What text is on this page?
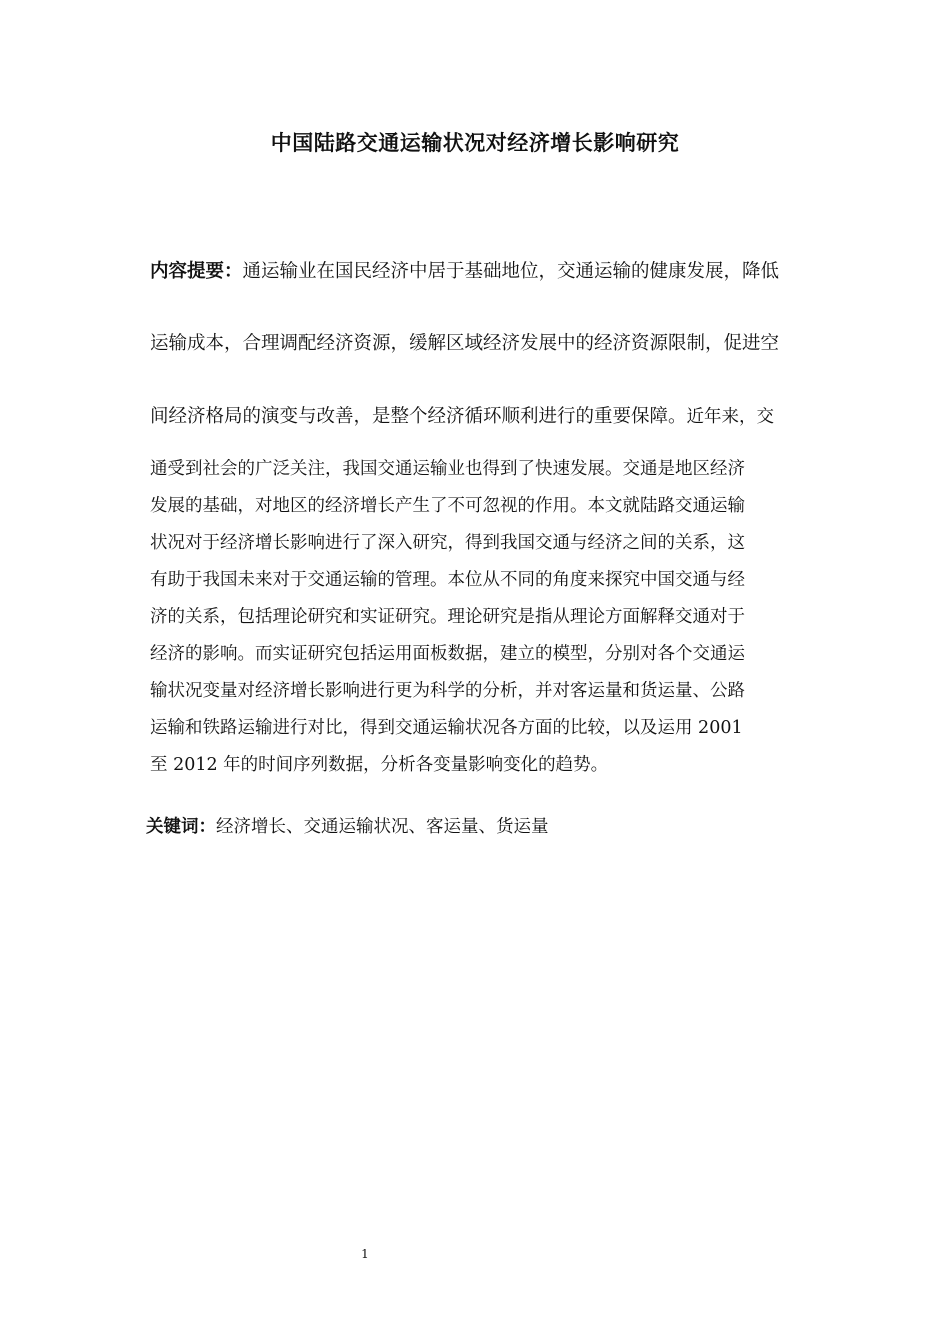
中国陆路交通运输状况对经济增长影响研究
内容提要：通运输业在国民经济中居于基础地位，交通运输的健康发展，降低
运输成本，合理调配经济资源，缓解区域经济发展中的经济资源限制，促进空
间经济格局的演变与改善，是整个经济循环顺利进行的重要保障。近年来，交
通受到社会的广泛关注，我国交通运输业也得到了快速发展。交通是地区经济
发展的基础，对地区的经济增长产生了不可忽视的作用。本文就陆路交通运输
状况对于经济增长影响进行了深入研究，得到我国交通与经济之间的关系，这
有助于我国未来对于交通运输的管理。本位从不同的角度来探究中国交通与经
济的关系，包括理论研究和实证研究。理论研究是指从理论方面解释交通对于
经济的影响。而实证研究包括运用面板数据，建立的模型，分别对各个交通运
输状况变量对经济增长影响进行更为科学的分析，并对客运量和货运量、公路
运输和铁路运输进行对比，得到交通运输状况各方面的比较，以及运用 2001
至 2012 年的时间序列数据，分析各变量影响变化的趋势。
关键词：经济增长、交通运输状况、客运量、货运量
1
